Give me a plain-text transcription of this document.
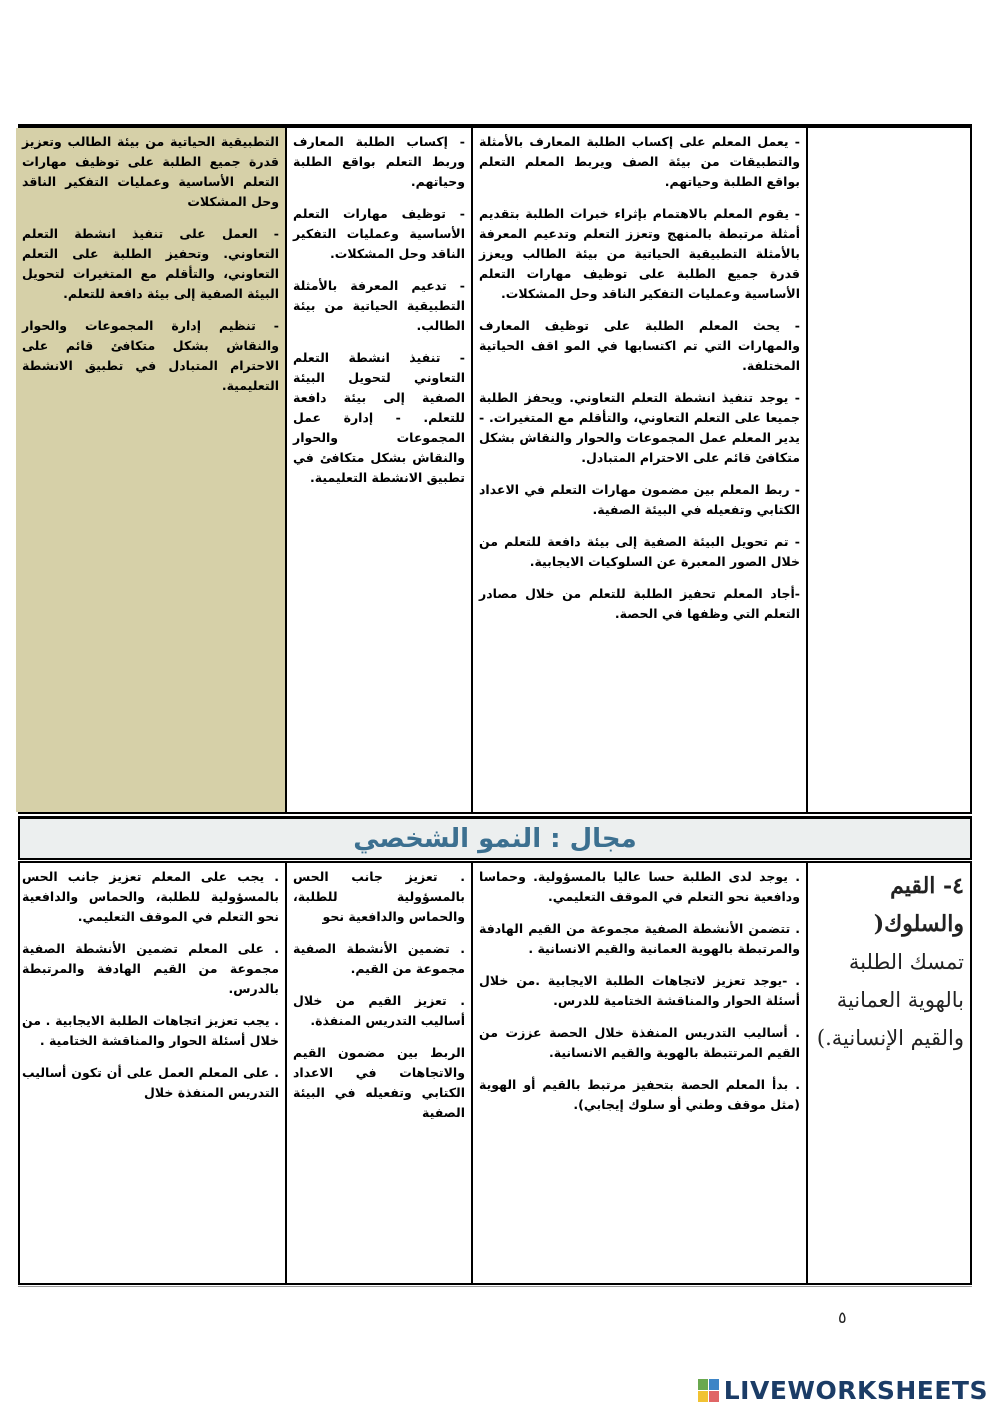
- يعمل المعلم على إكساب الطلبة المعارف بالأمثلة والتطبيقات من بيئة الصف ويربط المعلم التعلم بواقع الطلبة وحياتهم.

- يقوم المعلم بالاهتمام بإثراء خبرات الطلبة بتقديم أمثلة مرتبطة بالمنهج وتعزز التعلم وتدعيم المعرفة بالأمثلة التطبيقية الحياتية من بيئة الطالب ويعزز قدرة جميع الطلبة على توظيف مهارات التعلم الأساسية وعمليات التفكير الناقد وحل المشكلات.

- يحث المعلم الطلبة على توظيف المعارف والمهارات التي تم اكتسابها في المو اقف الحياتية المختلفة.

- يوجد تنفيذ انشطة التعلم التعاوني. ويحفز الطلبة جميعا على التعلم التعاوني، والتأقلم مع المتغيرات. - يدير المعلم عمل المجموعات والحوار والنقاش بشكل متكافئ قائم على الاحترام المتبادل.

- ربط المعلم بين مضمون مهارات التعلم في الاعداد الكتابي وتفعيله في البيئة الصفية.

- تم تحويل البيئة الصفية إلى بيئة دافعة للتعلم من خلال الصور المعبرة عن السلوكيات الايجابية.

-أجاد المعلم تحفيز الطلبة للتعلم من خلال مصادر التعلم التي وظفها في الحصة.

- إكساب الطلبة المعارف وربط التعلم بواقع الطلبة وحياتهم.

- توظيف مهارات التعلم الأساسية وعمليات التفكير الناقد وحل المشكلات.

- تدعيم المعرفة بالأمثلة التطبيقية الحياتية من بيئة الطالب.

- تنفيذ انشطة التعلم التعاوني لتحويل البيئة الصفية إلى بيئة دافعة للتعلم. - إدارة عمل المجموعات والحوار والنقاش بشكل متكافئ في تطبيق الانشطة التعليمية.

التطبيقية الحياتية من بيئة الطالب وتعزيز قدرة جميع الطلبة على توظيف مهارات التعلم الأساسية وعمليات التفكير الناقد وحل المشكلات

- العمل على تنفيذ انشطة التعلم التعاوني. وتحفيز الطلبة على التعلم التعاوني، والتأقلم مع المتغيرات لتحويل البيئة الصفية إلى بيئة دافعة للتعلم.

- تنظيم إدارة المجموعات والحوار والنقاش بشكل متكافئ قائم على الاحترام المتبادل في تطبيق الانشطة التعليمية.

مجال : النمو الشخصي
٤- القيم والسلوك(
تمسك الطلبة بالهوية العمانية والقيم الإنسانية.)

. يوجد لدى الطلبة حسا عاليا بالمسؤولية. وحماسا ودافعية نحو التعلم في الموقف التعليمي.

. تتضمن الأنشطة الصفية مجموعة من القيم الهادفة والمرتبطة بالهوية العمانية والقيم الانسانية .

. -يوجد تعزيز لاتجاهات الطلبة الايجابية .من خلال أسئلة الحوار والمناقشة الختامية للدرس.

. أساليب التدريس المنفذة خلال الحصة عززت من القيم المرتتبطة بالهوية والقيم الانسانية.

. بدأ المعلم الحصة بتحفيز مرتبط بالقيم أو الهوية (مثل موقف وطني أو سلوك إيجابي).

. تعزيز جانب الحس بالمسؤولية للطلبة، والحماس والدافعية نحو

. تضمين الأنشطة الصفية مجموعة من القيم.

. تعزيز القيم من خلال أساليب التدريس المنفذة.

الربط بين مضمون القيم والاتجاهات في الاعداد الكتابي وتفعيله في البيئة الصفية

. يجب على المعلم تعزيز جانب الحس بالمسؤولية للطلبة، والحماس والدافعية نحو التعلم في الموقف التعليمي.

. على المعلم تضمين الأنشطة الصفية مجموعة من القيم الهادفة والمرتبطة بالدرس.

. يجب تعزيز اتجاهات الطلبة الايجابية . من خلال أسئلة الحوار والمناقشة الختامية .

. على المعلم العمل على أن تكون أساليب التدريس المنفذة خلال

٥
LIVEWORKSHEETS
